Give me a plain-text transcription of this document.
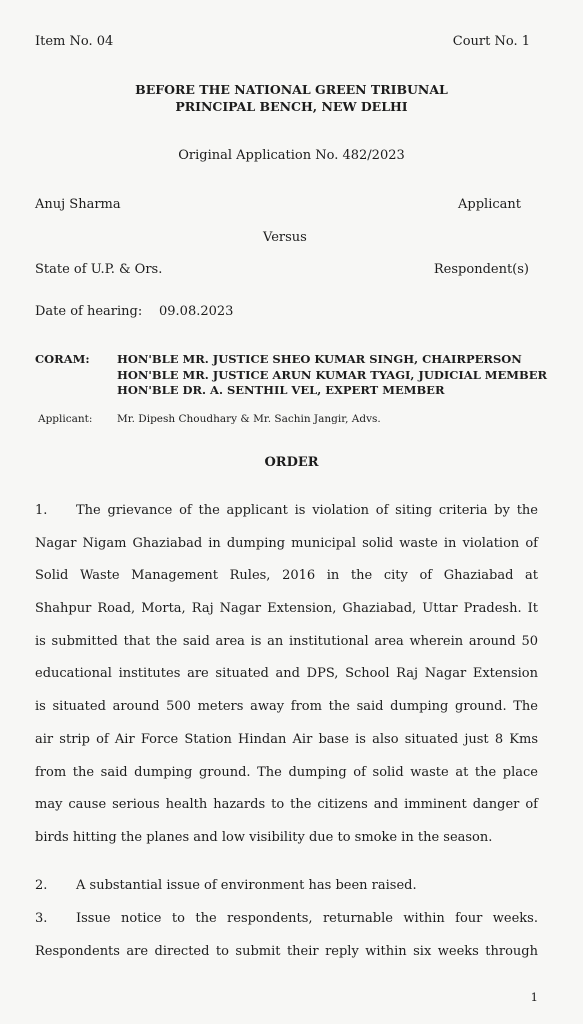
Item No. 04	Court No. 1
BEFORE THE NATIONAL GREEN TRIBUNAL
PRINCIPAL BENCH, NEW DELHI
Original Application No. 482/2023
Anuj Sharma	Applicant
Versus
State of U.P. & Ors.	Respondent(s)
Date of hearing: 09.08.2023
CORAM: HON'BLE MR. JUSTICE SHEO KUMAR SINGH, CHAIRPERSON
HON'BLE MR. JUSTICE ARUN KUMAR TYAGI, JUDICIAL MEMBER
HON'BLE DR. A. SENTHIL VEL, EXPERT MEMBER
Applicant: Mr. Dipesh Choudhary & Mr. Sachin Jangir, Advs.
ORDER
1. The grievance of the applicant is violation of siting criteria by the
Nagar Nigam Ghaziabad in dumping municipal solid waste in violation of
Solid Waste Management Rules, 2016 in the city of Ghaziabad at
Shahpur Road, Morta, Raj Nagar Extension, Ghaziabad, Uttar Pradesh. It
is submitted that the said area is an institutional area wherein around 50
educational institutes are situated and DPS, School Raj Nagar Extension
is situated around 500 meters away from the said dumping ground. The
air strip of Air Force Station Hindan Air base is also situated just 8 Kms
from the said dumping ground. The dumping of solid waste at the place
may cause serious health hazards to the citizens and imminent danger of
birds hitting the planes and low visibility due to smoke in the season.
2. A substantial issue of environment has been raised.
3. Issue notice to the respondents, returnable within four weeks.
Respondents are directed to submit their reply within six weeks through
1
